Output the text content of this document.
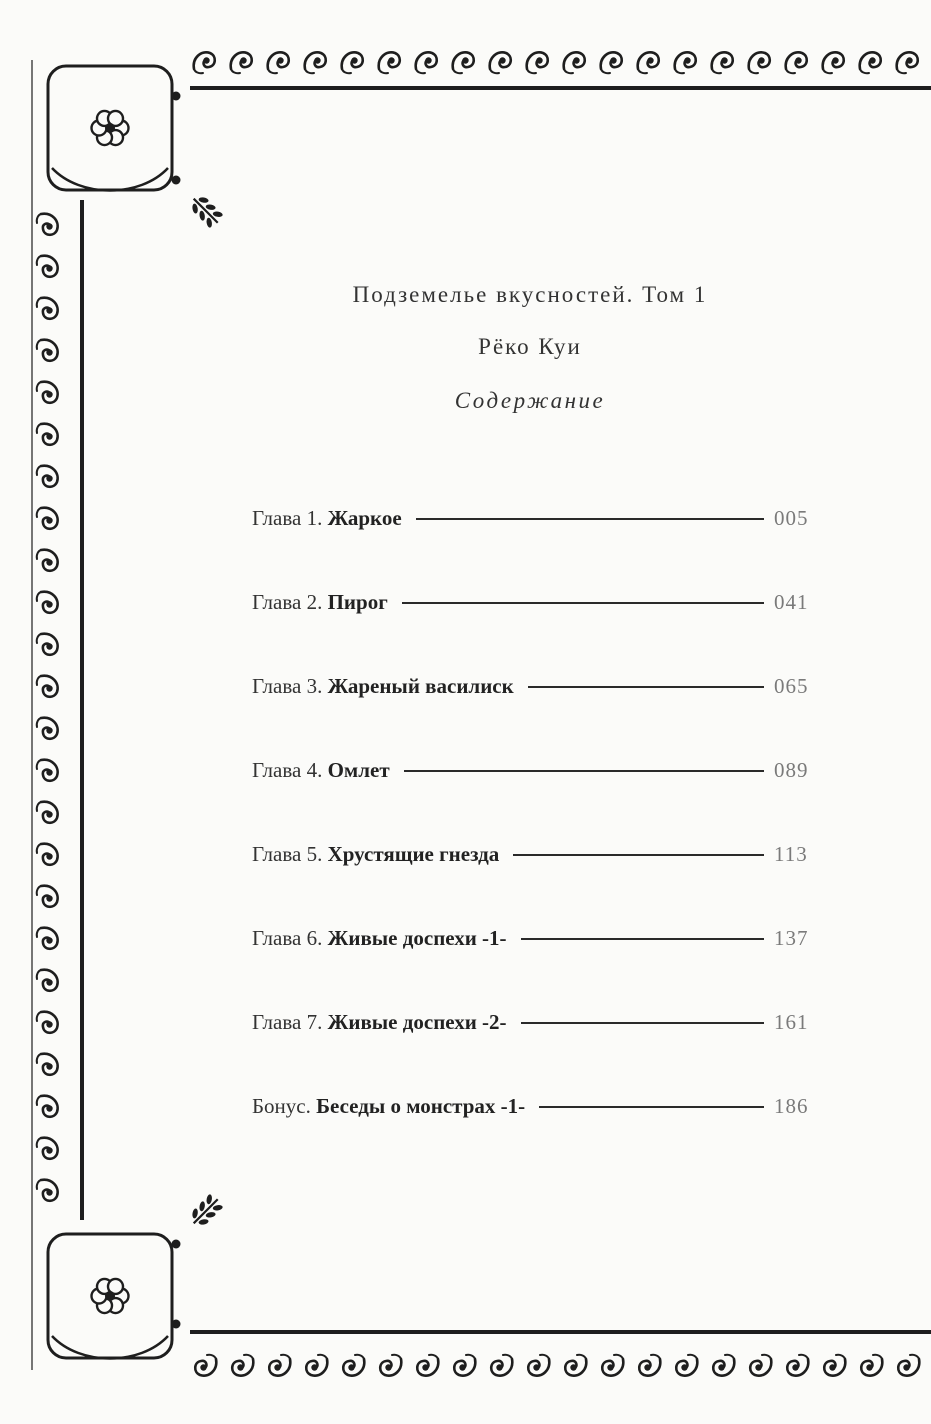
Подземелье вкусностей. Том 1
Рёко Куи
Содержание
Глава 1. Жаркое	005
Глава 2. Пирог	041
Глава 3. Жареный василиск	065
Глава 4. Омлет	089
Глава 5. Хрустящие гнезда	113
Глава 6. Живые доспехи -1-	137
Глава 7. Живые доспехи -2-	161
Бонус. Беседы о монстрах -1-	186
